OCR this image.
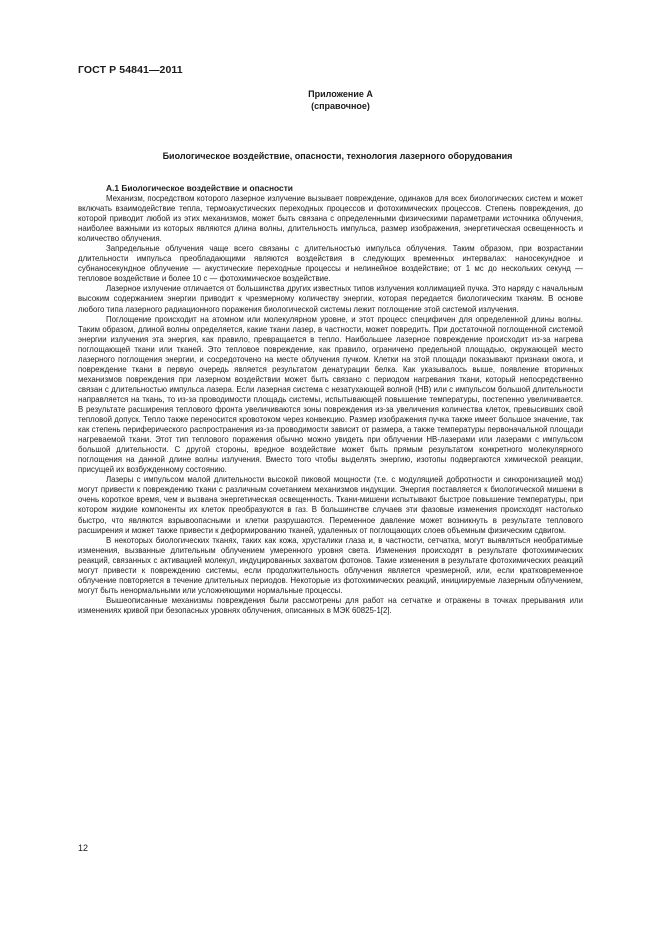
ГОСТ Р 54841—2011
Приложение А
(справочное)
Биологическое воздействие, опасности, технология лазерного оборудования
А.1 Биологическое воздействие и опасности

Механизм, посредством которого лазерное излучение вызывает повреждение, одинаков для всех биологических систем и может включать взаимодействие тепла, термоакустических переходных процессов и фотохимических процессов. Степень повреждения, до которой приводит любой из этих механизмов, может быть связана с определенными физическими параметрами источника облучения, наиболее важными из которых являются длина волны, длительность импульса, размер изображения, энергетическая освещенность и количество облучения.

Запредельные облучения чаще всего связаны с длительностью импульса облучения. Таким образом, при возрастании длительности импульса преобладающими являются воздействия в следующих временных интервалах: наносекундное и субнаносекундное облучение — акустические переходные процессы и нелинейное воздействие; от 1 мс до нескольких секунд — тепловое воздействие и более 10 с — фотохимическое воздействие.

Лазерное излучение отличается от большинства других известных типов излучения коллимацией пучка. Это наряду с начальным высоким содержанием энергии приводит к чрезмерному количеству энергии, которая передается биологическим тканям. В основе любого типа лазерного радиационного поражения биологической системы лежит поглощение этой системой излучения.

Поглощение происходит на атомном или молекулярном уровне, и этот процесс специфичен для определенной длины волны. Таким образом, длиной волны определяется, какие ткани лазер, в частности, может повредить. При достаточной поглощенной системой энергии излучения эта энергия, как правило, превращается в тепло. Наибольшее лазерное повреждение происходит из-за нагрева поглощающей ткани или тканей. Это тепловое повреждение, как правило, ограничено предельной площадью, окружающей место лазерного поглощения энергии, и сосредоточено на месте облучения пучком. Клетки на этой площади показывают признаки ожога, и повреждение ткани в первую очередь является результатом денатурации белка. Как указывалось выше, появление вторичных механизмов повреждения при лазерном воздействии может быть связано с периодом нагревания ткани, который непосредственно связан с длительностью импульса лазера. Если лазерная система с незатухающей волной (НВ) или с импульсом большой длительности направляется на ткань, то из-за проводимости площадь системы, испытывающей повышение температуры, постепенно увеличивается. В результате расширения теплового фронта увеличиваются зоны повреждения из-за увеличения количества клеток, превысивших свой тепловой допуск. Тепло также переносится кровотоком через конвекцию. Размер изображения пучка также имеет большое значение, так как степень периферического распространения из-за проводимости зависит от размера, а также температуры первоначальной площади нагреваемой ткани. Этот тип теплового поражения обычно можно увидеть при облучении НВ-лазерами или лазерами с импульсом большой длительности. С другой стороны, вредное воздействие может быть прямым результатом конкретного молекулярного поглощения на данной длине волны излучения. Вместо того чтобы выделять энергию, изотопы подвергаются химической реакции, присущей их возбужденному состоянию.

Лазеры с импульсом малой длительности высокой пиковой мощности (т.е. с модуляцией добротности и синхронизацией мод) могут привести к повреждению ткани с различным сочетанием механизмов индукции. Энергия поставляется к биологической мишени в очень короткое время, чем и вызвана энергетическая освещенность. Ткани-мишени испытывают быстрое повышение температуры, при котором жидкие компоненты их клеток преобразуются в газ. В большинстве случаев эти фазовые изменения происходят настолько быстро, что являются взрывоопасными и клетки разрушаются. Переменное давление может возникнуть в результате теплового расширения и может также привести к деформированию тканей, удаленных от поглощающих слоев объемным физическим сдвигом.

В некоторых биологических тканях, таких как кожа, хрусталики глаза и, в частности, сетчатка, могут выявляться необратимые изменения, вызванные длительным облучением умеренного уровня света. Изменения происходят в результате фотохимических реакций, связанных с активацией молекул, индуцированных захватом фотонов. Такие изменения в результате фотохимических реакций могут привести к повреждению системы, если продолжительность облучения является чрезмерной, или, если кратковременное облучение повторяется в течение длительных периодов. Некоторые из фотохимических реакций, инициируемые лазерным облучением, могут быть ненормальными или усложняющими нормальные процессы.

Вышеописанные механизмы повреждения были рассмотрены для работ на сетчатке и отражены в точках прерывания или изменениях кривой при безопасных уровнях облучения, описанных в МЭК 60825-1[2].

12
